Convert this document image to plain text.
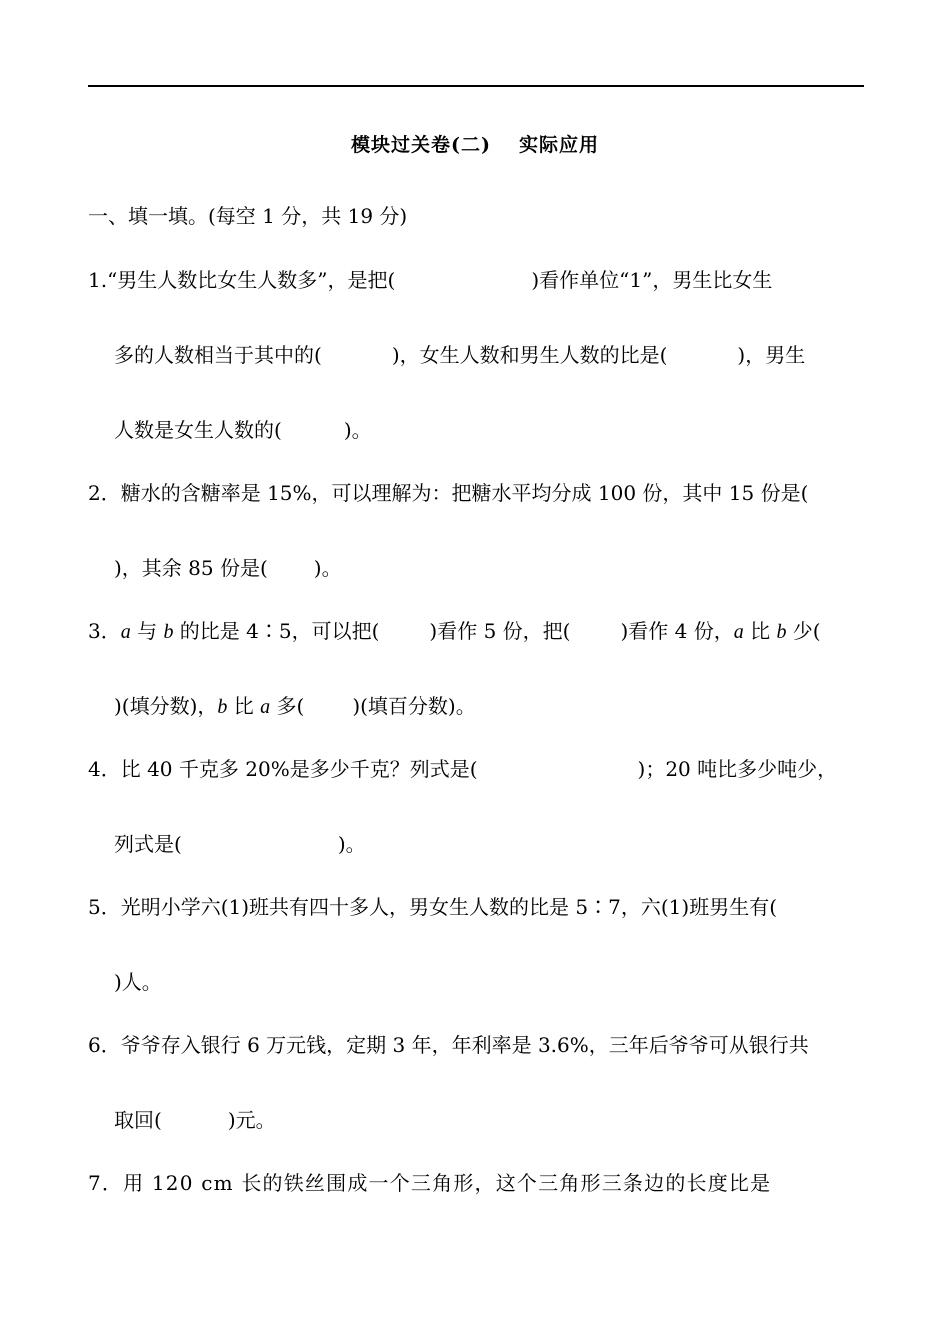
模块过关卷(二) 实际应用
一、填一填。(每空 1 分，共 19 分)
1.“男生人数比女生人数多”，是把(	)看作单位“1”，男生比女生
多的人数相当于其中的(	)，女生人数和男生人数的比是(	)，男生
人数是女生人数的(	)。
2．糖水的含糖率是 15%，可以理解为：把糖水平均分成 100 份，其中 15 份是(
)，其余 85 份是( )。
3．a 与 b 的比是 4∶5，可以把(	)看作 5 份，把(	)看作 4 份，a 比 b 少(
)(填分数)，b 比 a 多( )(填百分数)。
4．比 40 千克多 20%是多少千克？列式是(	)；20 吨比多少吨少，
列式是(	)。
5．光明小学六(1)班共有四十多人，男女生人数的比是 5∶7，六(1)班男生有(
)人。
6．爷爷存入银行 6 万元钱，定期 3 年，年利率是 3.6%，三年后爷爷可从银行共
取回(	)元。
7．用 120 cm 长的铁丝围成一个三角形，这个三角形三条边的长度比是
